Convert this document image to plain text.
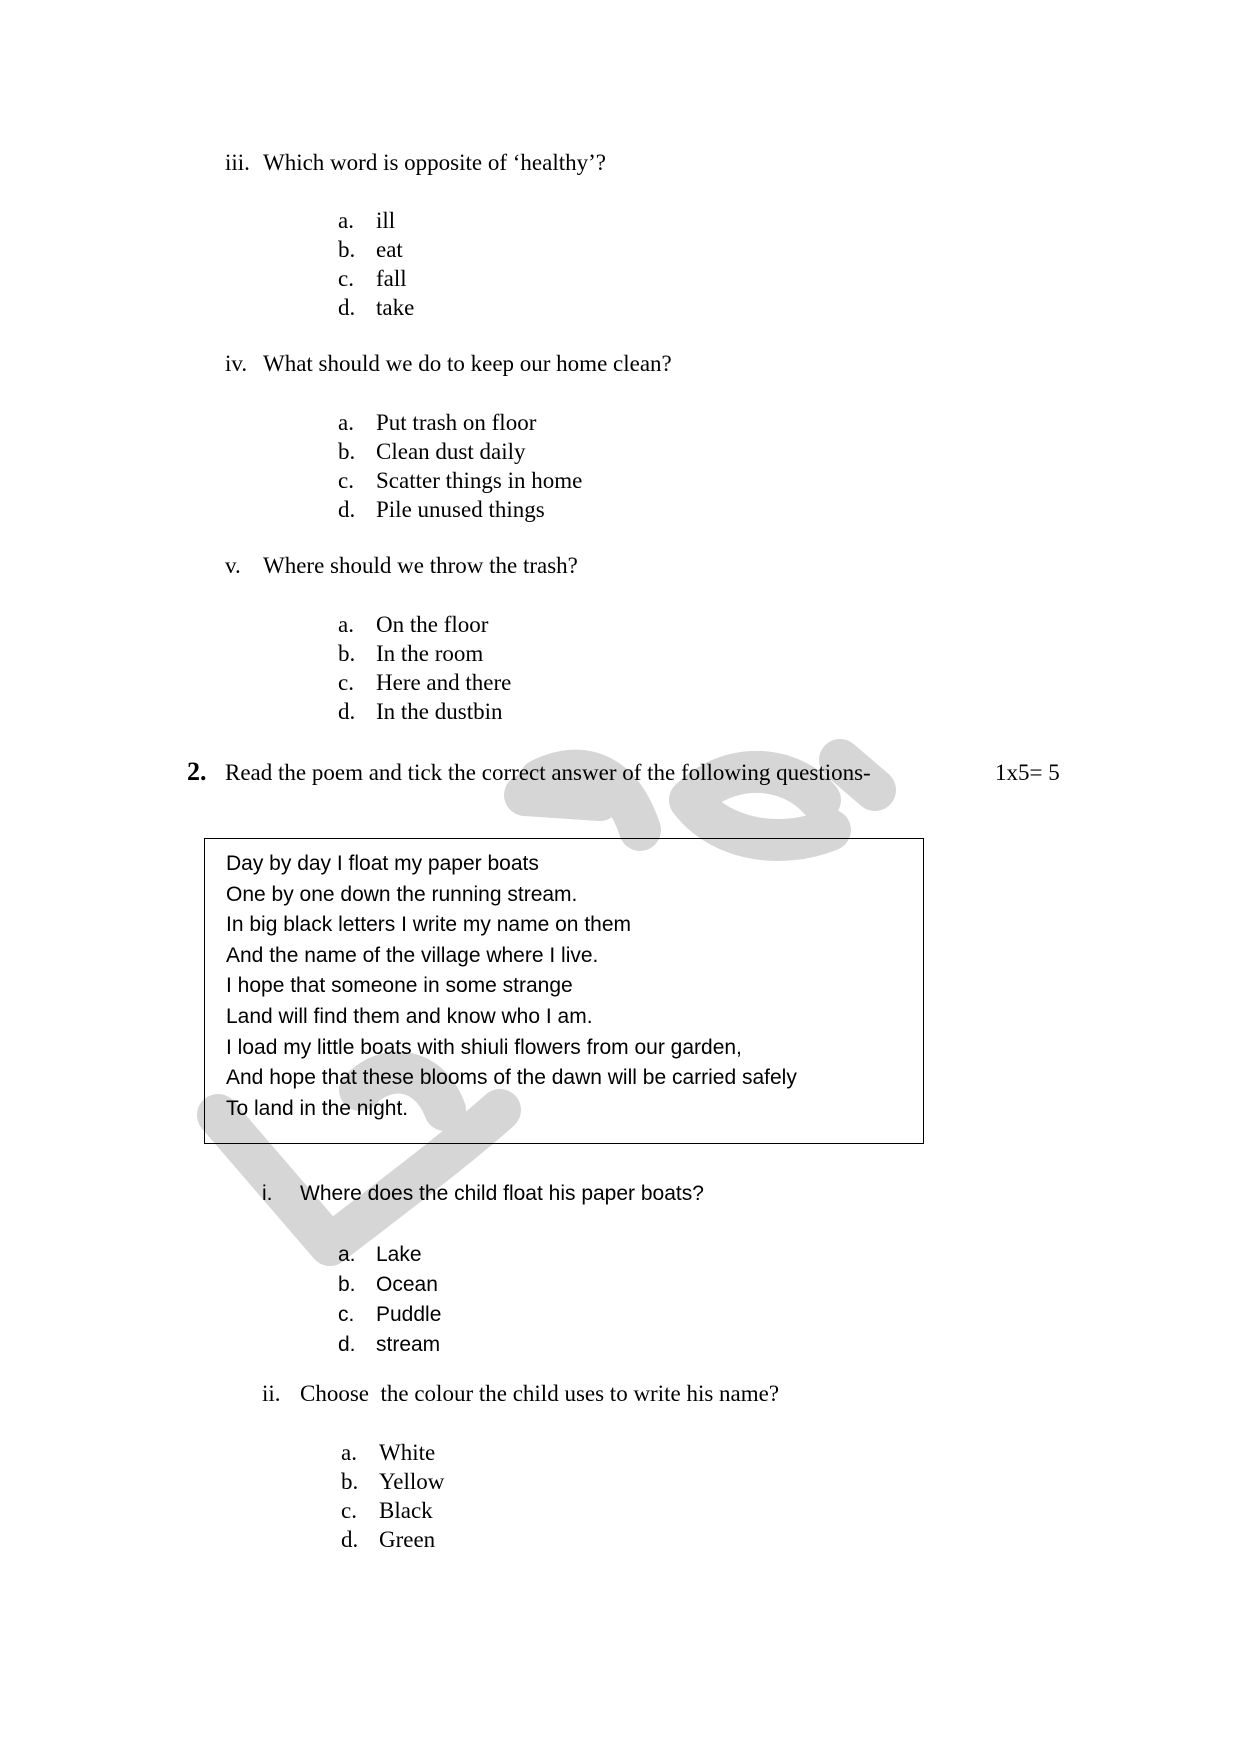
iii. Which word is opposite of ‘healthy’?
a. ill
b. eat
c. fall
d. take
iv. What should we do to keep our home clean?
a. Put trash on floor
b. Clean dust daily
c. Scatter things in home
d. Pile unused things
v. Where should we throw the trash?
a. On the floor
b. In the room
c. Here and there
d. In the dustbin
2. Read the poem and tick the correct answer of the following questions-	1x5= 5
Day by day I float my paper boats
One by one down the running stream.
In big black letters I write my name on them
And the name of the village where I live.
I hope that someone in some strange
Land will find them and know who I am.
I load my little boats with shiuli flowers from our garden,
And hope that these blooms of the dawn will be carried safely
To land in the night.
i. Where does the child float his paper boats?
a. Lake
b. Ocean
c. Puddle
d. stream
ii. Choose  the colour the child uses to write his name?
a. White
b. Yellow
c. Black
d. Green
